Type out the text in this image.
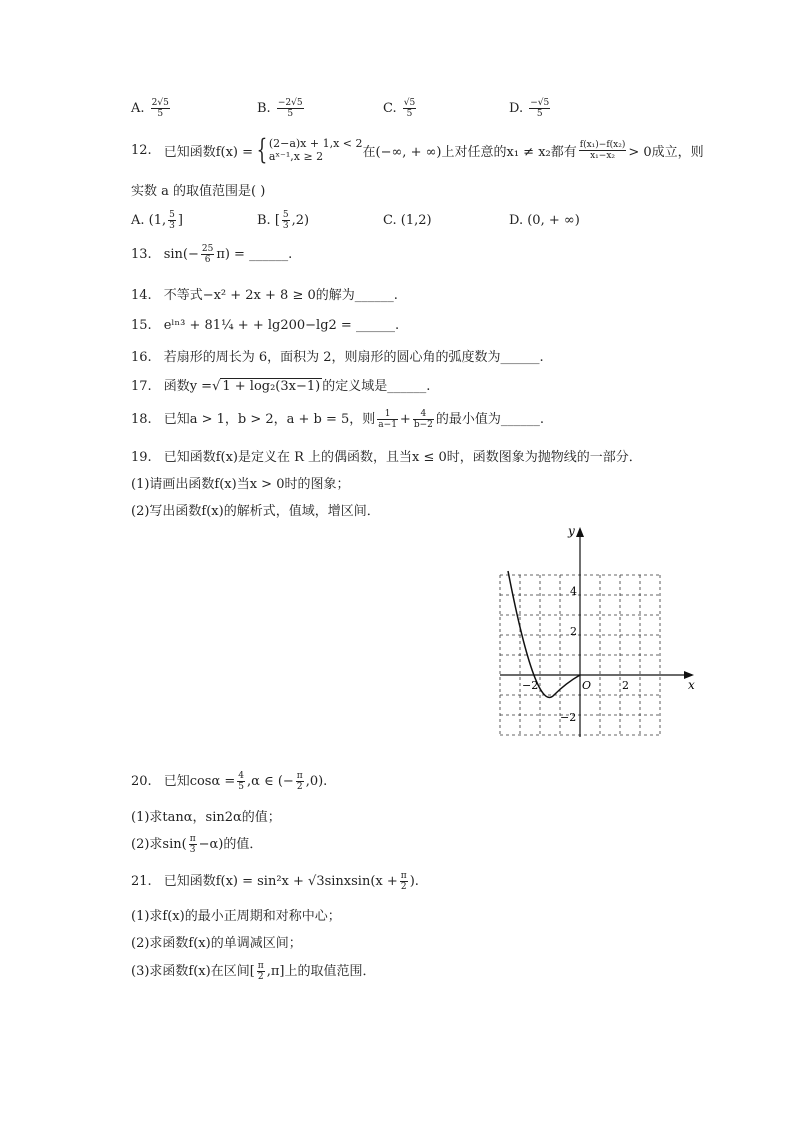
A. $\frac{2√5}{5}$	B. $\frac{-2√5}{5}$	C. $\frac{√5}{5}$	D. $\frac{-√5}{5}$
12. 已知函数f(x) = { (2−a)x + 1,x < 2
aˣ⁻¹,x ≥ 2	在(−∞, + ∞)上对任意的x₁ ≠ x₂都有 $\frac{\text{f(x₁)−f(x₂)}}{\text{x₁−x₂}} > 0$成立，则
实数 a 的取值范围是( )
A. (1, $\frac{5}{3}$ ]	B. [ $\frac{5}{3} ,2$)	C. (1,2)	D. (0, + ∞)
13. $\sin(- \frac{25}{6} \pi)$ = ______.
14. 不等式−x² + 2x + 8 ≥ 0的解为______.
15. eˡⁿ³ + 81¼ + + lg200−lg2 = ______.
16. 若扇形的周长为 6，面积为 2，则扇形的圆心角的弧度数为______.
17. 函数y =√ 1 + log₂(3x−1) 的定义域是______.
18. 已知a > 1，b > 2，a + b = 5，则 $\frac{1}{a-1} + \frac{4}{b-2}$ 的最小值为______.
19. 已知函数f(x)是定义在 R 上的偶函数，且当x ≤ 0时，函数图象为抛物线的一部分．
(1)请画出函数f(x)当x > 0时的图象；
(2)写出函数f(x)的解析式，值域，增区间．
y
x
O
−2	2
4
2
−2
20. 已知$\cos\alpha = \frac{4}{5} ,\alpha$ ∈ (− $\frac{\pi}{2} ,0$).
(1)求tanα，sin2α的值；
(2)求$\sin( \frac{\pi}{3} -\alpha)$的值．
21. 已知函数f(x) = sin²x + √3sinxsin(x + $\frac{\pi}{2}$ ).
(1)求f(x)的最小正周期和对称中心；
(2)求函数f(x)的单调减区间；
(3)求函数f(x)在区间[ $\frac{\pi}{2} ,\pi$]上的取值范围．
